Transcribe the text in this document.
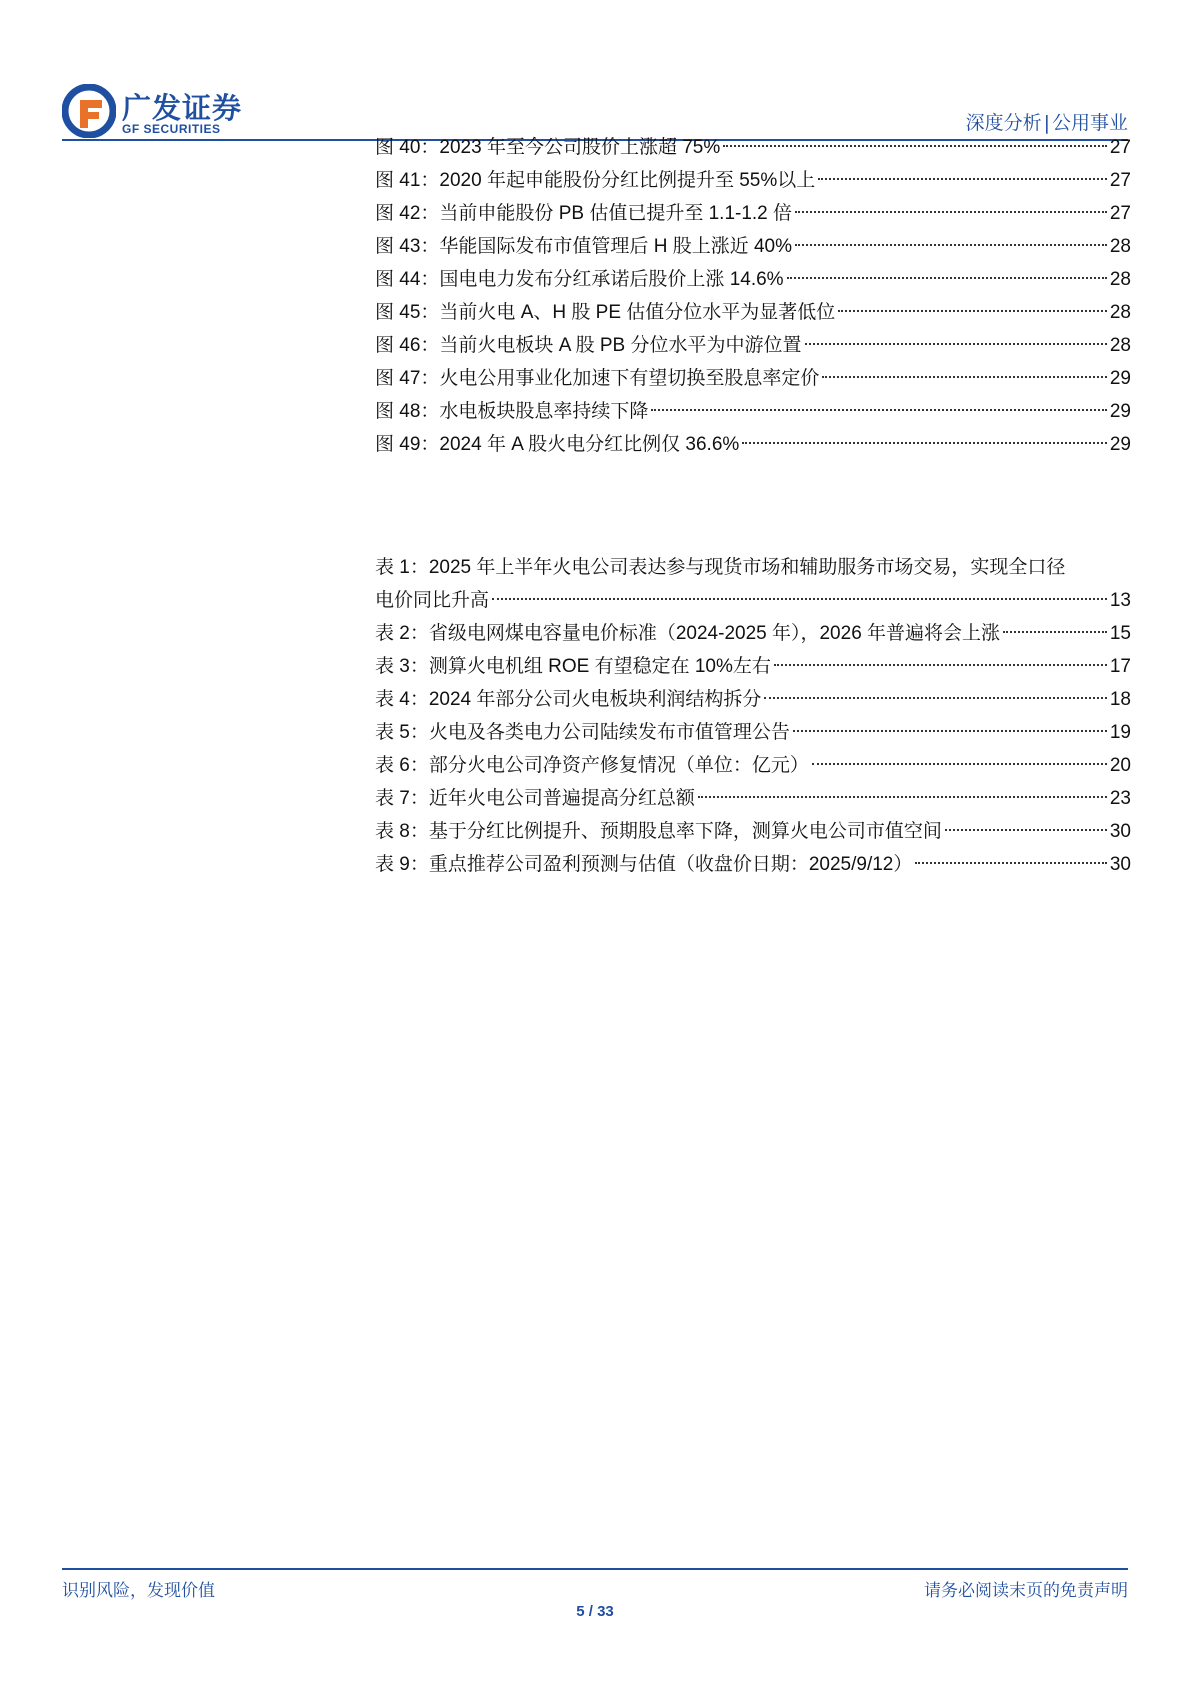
广发证券
GF SECURITIES	深度分析 | 公用事业
图 40：2023 年至今公司股价上涨超 75%	27
图 41：2020 年起申能股份分红比例提升至 55%以上	27
图 42：当前申能股份 PB 估值已提升至 1.1-1.2 倍	27
图 43：华能国际发布市值管理后 H 股上涨近 40%	28
图 44：国电电力发布分红承诺后股价上涨 14.6%	28
图 45：当前火电 A、H 股 PE 估值分位水平为显著低位	28
图 46：当前火电板块 A 股 PB 分位水平为中游位置	28
图 47：火电公用事业化加速下有望切换至股息率定价	29
图 48：水电板块股息率持续下降	29
图 49：2024 年 A 股火电分红比例仅 36.6%	29
表 1：2025 年上半年火电公司表达参与现货市场和辅助服务市场交易，实现全口径
电价同比升高	13
表 2：省级电网煤电容量电价标准（2024-2025 年），2026 年普遍将会上涨	15
表 3：测算火电机组 ROE 有望稳定在 10%左右	17
表 4：2024 年部分公司火电板块利润结构拆分	18
表 5：火电及各类电力公司陆续发布市值管理公告	19
表 6：部分火电公司净资产修复情况（单位：亿元）	20
表 7：近年火电公司普遍提高分红总额	23
表 8：基于分红比例提升、预期股息率下降，测算火电公司市值空间	30
表 9：重点推荐公司盈利预测与估值（收盘价日期：2025/9/12）	30
识别风险，发现价值	请务必阅读末页的免责声明
5 / 33
